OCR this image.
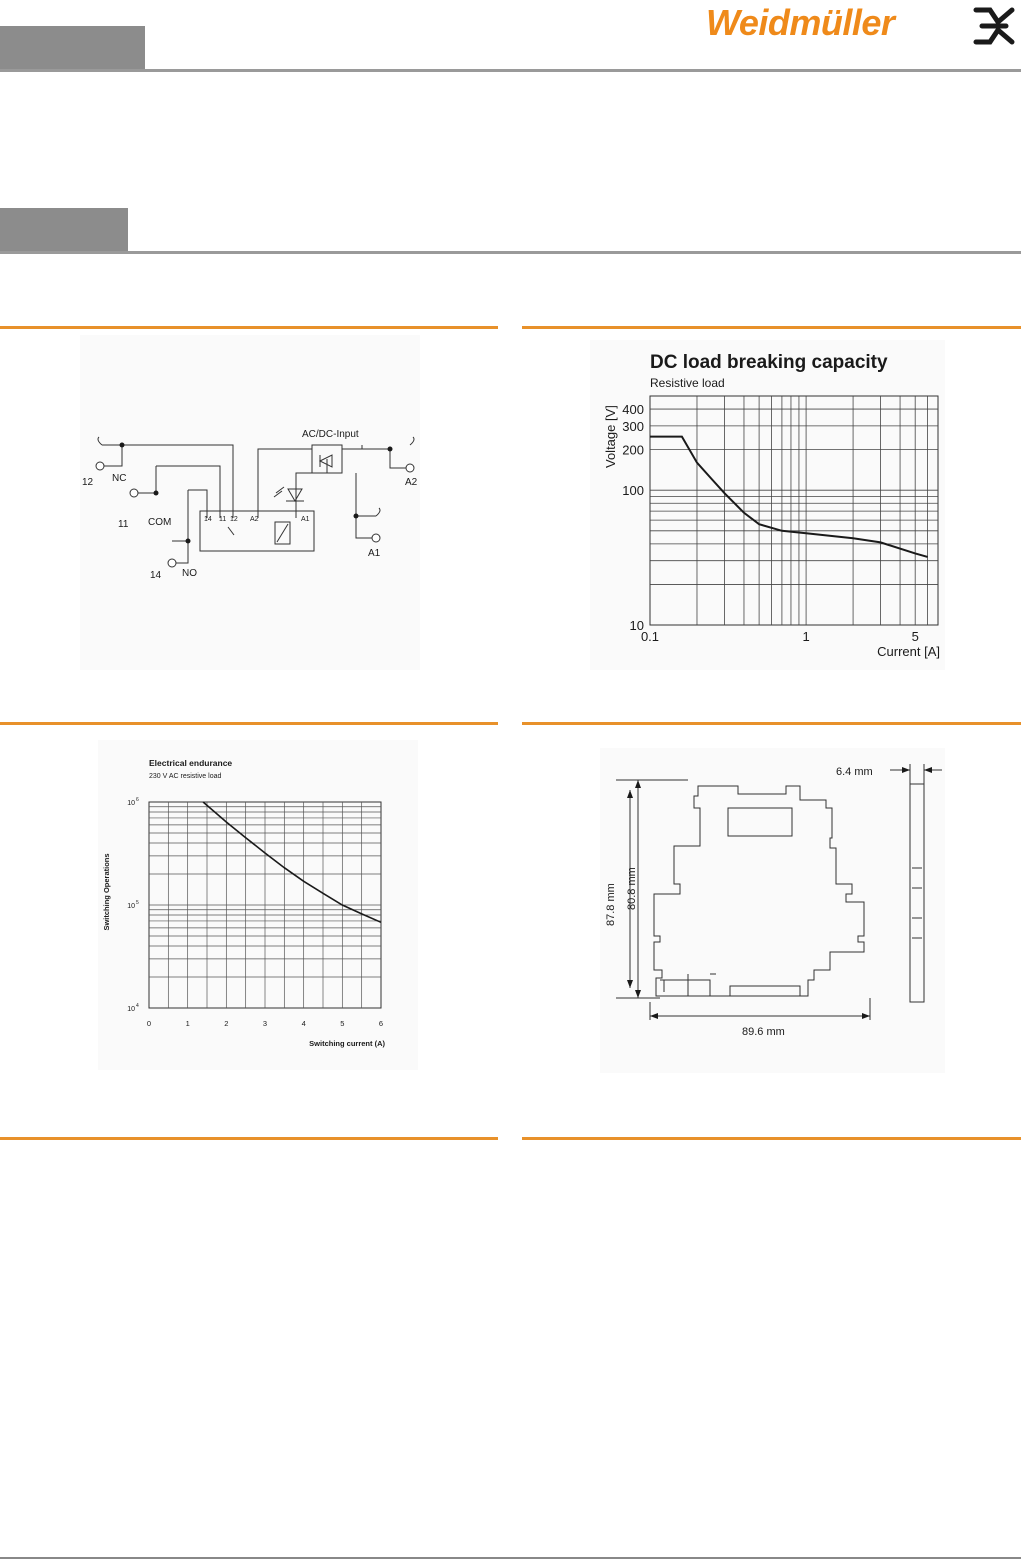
Weidmüller
AC/DC-Input
12 NC
11 COM
14 NO
A2
A1
14 11 12 A2	A1
DC load breaking capacity
Resistive load
Voltage [V]
Current [A]
0.1	1	5
10
100
200
300
400
Electrical endurance
230 V AC resistive load
Switching Operations
Switching current (A)
0	1	2	3	4	5	6
10 4
10 5
10 6
6.4 mm
87.8 mm 80.8 mm
89.6 mm
